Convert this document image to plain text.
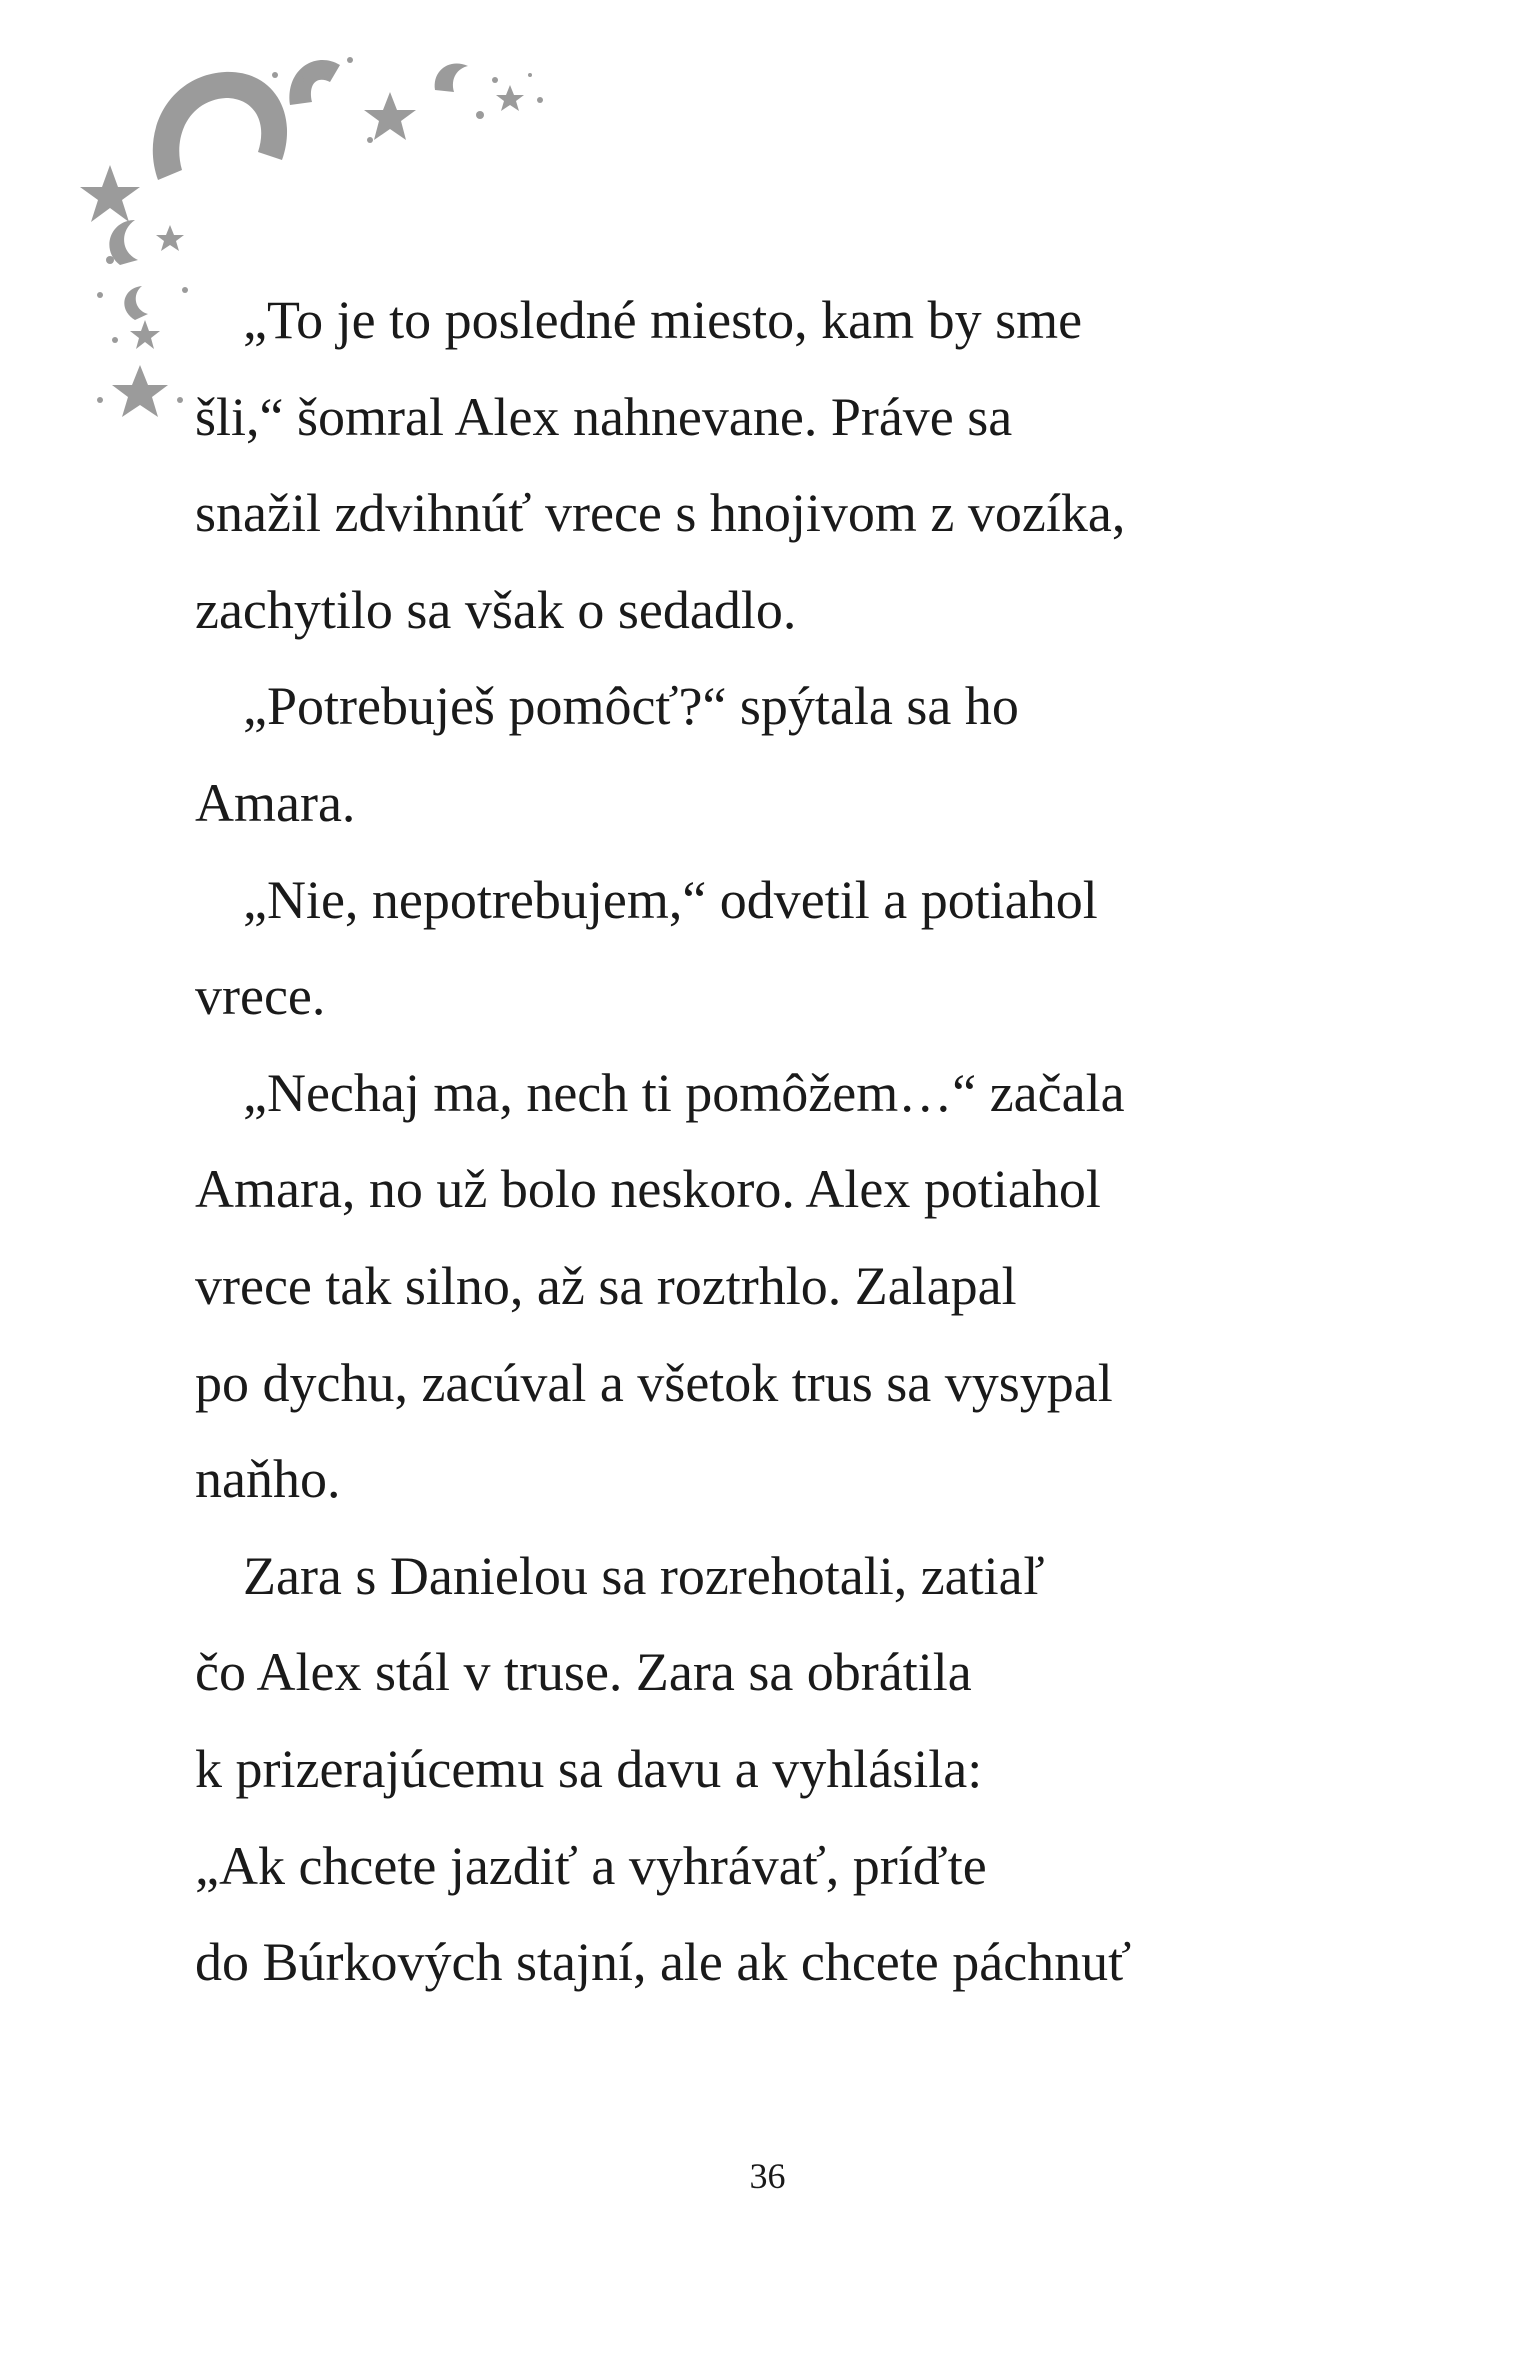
„To je to posledné miesto, kam by sme
šli,“ šomral Alex nahnevane. Práve sa
snažil zdvihnúť vrece s hnojivom z vozíka,
zachytilo sa však o sedadlo.
„Potrebuješ pomôcť?“ spýtala sa ho
Amara.
„Nie, nepotrebujem,“ odvetil a potiahol
vrece.
„Nechaj ma, nech ti pomôžem…“ začala
Amara, no už bolo neskoro. Alex potiahol
vrece tak silno, až sa roztrhlo. Zalapal
po dychu, zacúval a všetok trus sa vysypal
naňho.
Zara s Danielou sa rozrehotali, zatiaľ
čo Alex stál v truse. Zara sa obrátila
k prizerajúcemu sa davu a vyhlásila:
„Ak chcete jazdiť a vyhrávať, príďte
do Búrkových stajní, ale ak chcete páchnuť
36
